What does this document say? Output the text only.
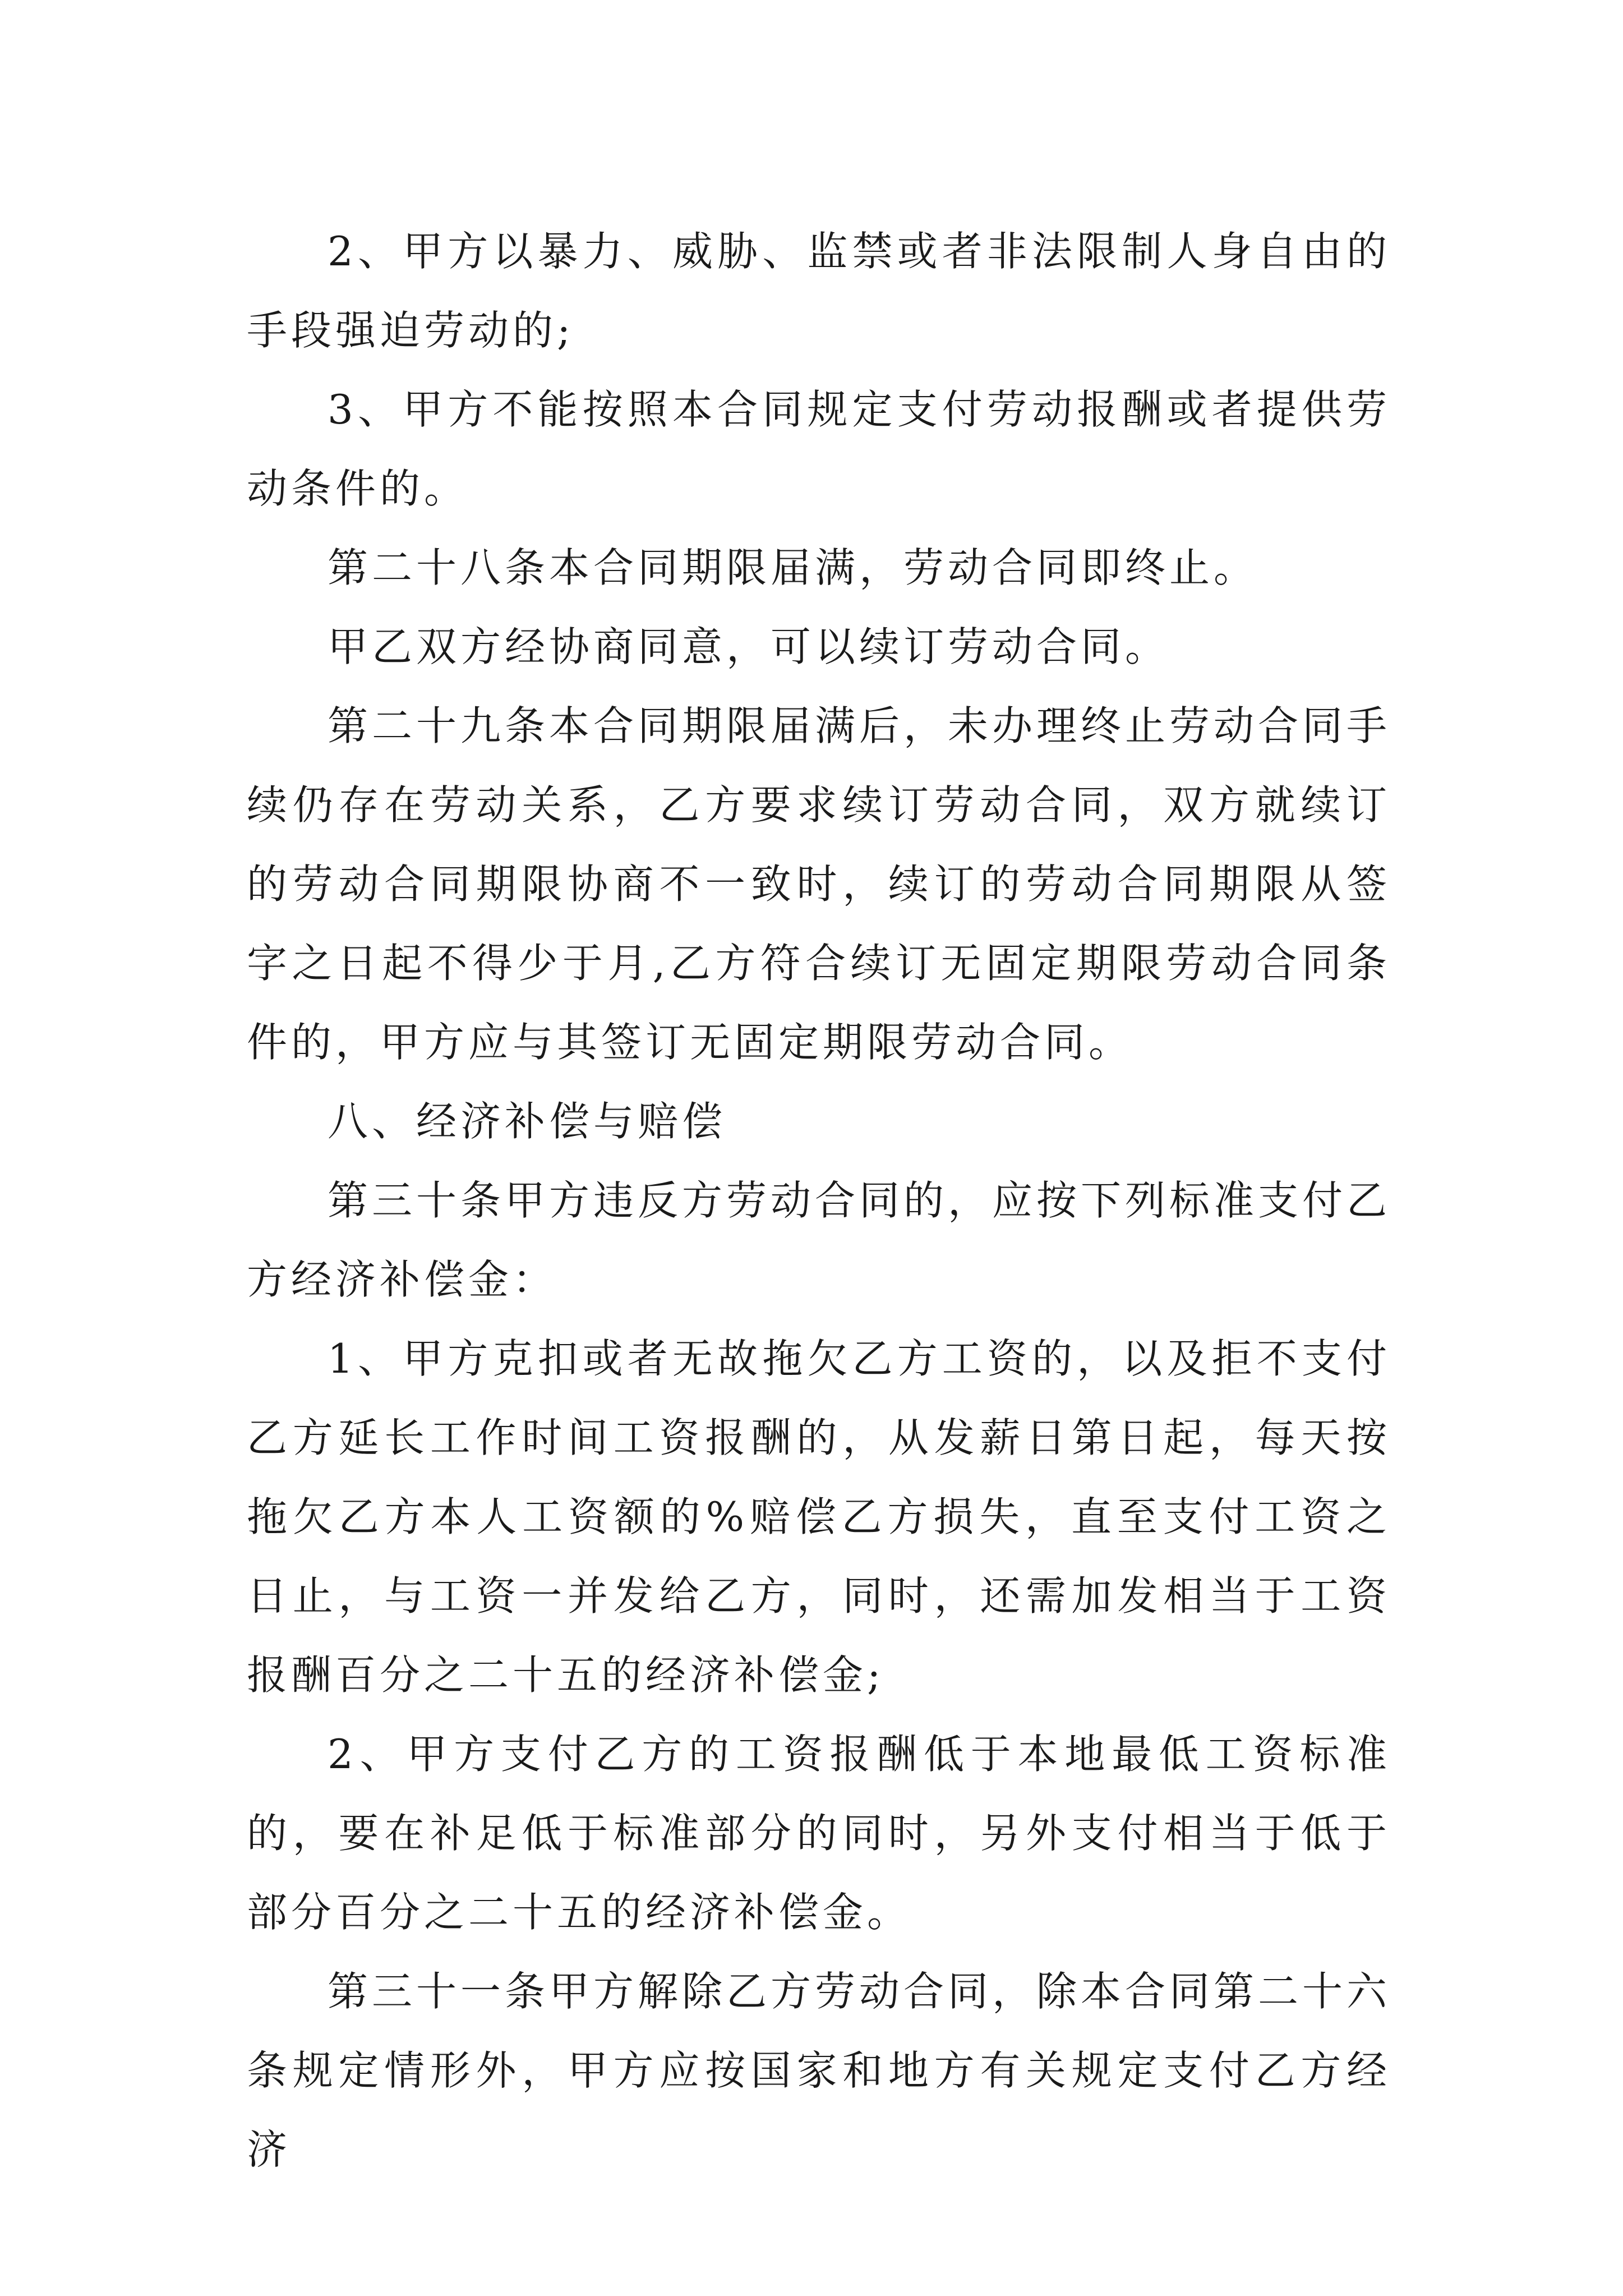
2、甲方以暴力、威胁、监禁或者非法限制人身自由的手段强迫劳动的;

3、甲方不能按照本合同规定支付劳动报酬或者提供劳动条件的。

第二十八条本合同期限届满，劳动合同即终止。

甲乙双方经协商同意，可以续订劳动合同。

第二十九条本合同期限届满后，未办理终止劳动合同手续仍存在劳动关系，乙方要求续订劳动合同，双方就续订的劳动合同期限协商不一致时，续订的劳动合同期限从签字之日起不得少于月,乙方符合续订无固定期限劳动合同条件的，甲方应与其签订无固定期限劳动合同。

八、经济补偿与赔偿

第三十条甲方违反方劳动合同的，应按下列标准支付乙方经济补偿金：

1、甲方克扣或者无故拖欠乙方工资的，以及拒不支付乙方延长工作时间工资报酬的，从发薪日第日起，每天按拖欠乙方本人工资额的%赔偿乙方损失，直至支付工资之日止，与工资一并发给乙方，同时，还需加发相当于工资报酬百分之二十五的经济补偿金;

2、甲方支付乙方的工资报酬低于本地最低工资标准的，要在补足低于标准部分的同时，另外支付相当于低于部分百分之二十五的经济补偿金。

第三十一条甲方解除乙方劳动合同，除本合同第二十六条规定情形外，甲方应按国家和地方有关规定支付乙方经济
